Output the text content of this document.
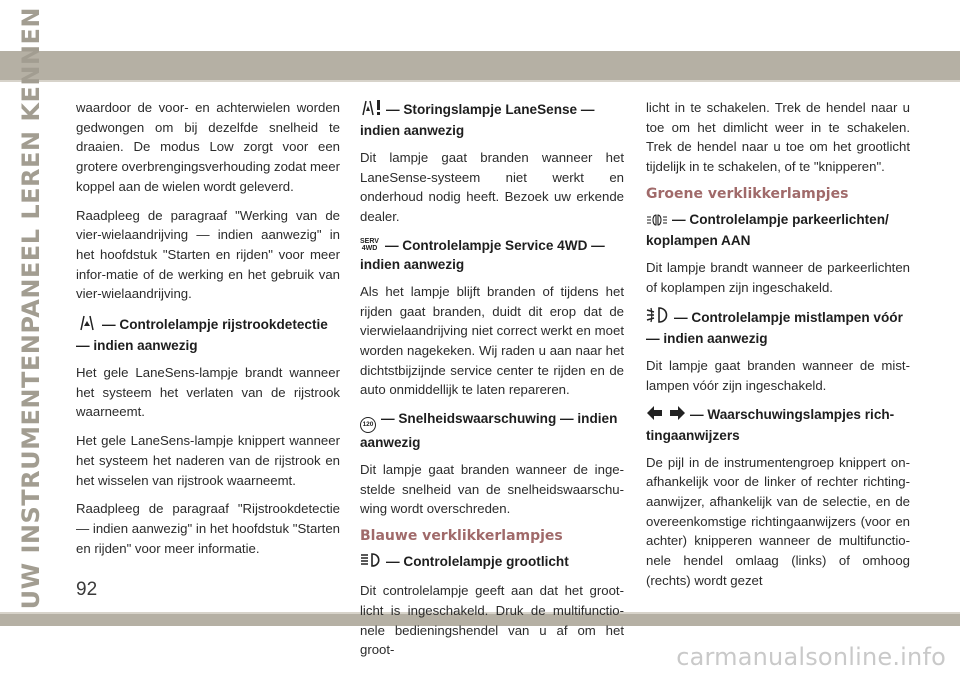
UW INSTRUMENTENPANEEL LEREN KENNEN waardoor de voor- en achterwielen worden gedwongen om bij dezelfde snelheid te draaien. De modus Low zorgt voor een grotere overbrengingsverhouding zodat meer koppel aan de wielen wordt geleverd.

Raadpleeg de paragraaf "Werking van de vier-wielaandrijving — indien aanwezig" in het hoofdstuk "Starten en rijden" voor meer infor-matie of de werking en het gebruik van vier-wielaandrijving.

— Controlelampje rijstrookdetectie— indien aanwezig

Het gele LaneSens-lampje brandt wanneer het systeem het verlaten van de rijstrook waarneemt.

Het gele LaneSens-lampje knippert wanneer het systeem het naderen van de rijstrook en het wisselen van rijstrook waarneemt.

Raadpleeg de paragraaf "Rijstrookdetectie — indien aanwezig" in het hoofdstuk "Starten en rijden" voor meer informatie.

— Storingslampje LaneSense — indien aanwezig

Dit lampje gaat branden wanneer het LaneSense-systeem niet werkt en onderhoud nodig heeft. Bezoek uw erkende dealer.

SERV
4WD — Controlelampje Service 4WD — indien aanwezig

Als het lampje blijft branden of tijdens het rijden gaat branden, duidt dit erop dat de vierwielaandrijving niet correct werkt en moet worden nagekeken. Wij raden u aan naar het dichtstbijzijnde service center te rijden en de auto onmiddellijk te laten repareren.

120 — Snelheidswaarschuwing — indien aanwezig

Dit lampje gaat branden wanneer de inge-stelde snelheid van de snelheidswaarschu-wing wordt overschreden.

Blauwe verklikkerlampjes
— Controlelampje grootlicht

Dit controlelampje geeft aan dat het groot-licht is ingeschakeld. Druk de multifunctio-nele bedieningshendel van u af om het groot-

licht in te schakelen. Trek de hendel naar u toe om het dimlicht weer in te schakelen. Trek de hendel naar u toe om het grootlicht tijdelijk in te schakelen, of te "knipperen".

Groene verklikkerlampjes
— Controlelampje parkeerlichten/ koplampen AAN

Dit lampje brandt wanneer de parkeerlichten of koplampen zijn ingeschakeld.

— Controlelampje mistlampen vóór — indien aanwezig

Dit lampje gaat branden wanneer de mist-lampen vóór zijn ingeschakeld.

— Waarschuwingslampjes rich-tingaanwijzers

De pijl in de instrumentengroep knippert on-afhankelijk voor de linker of rechter richting-aanwijzer, afhankelijk van de selectie, en de overeenkomstige richtingaanwijzers (voor en achter) knipperen wanneer de multifunctio-nele hendel omlaag (links) of omhoog (rechts) wordt gezet

92
carmanualsonline.info
